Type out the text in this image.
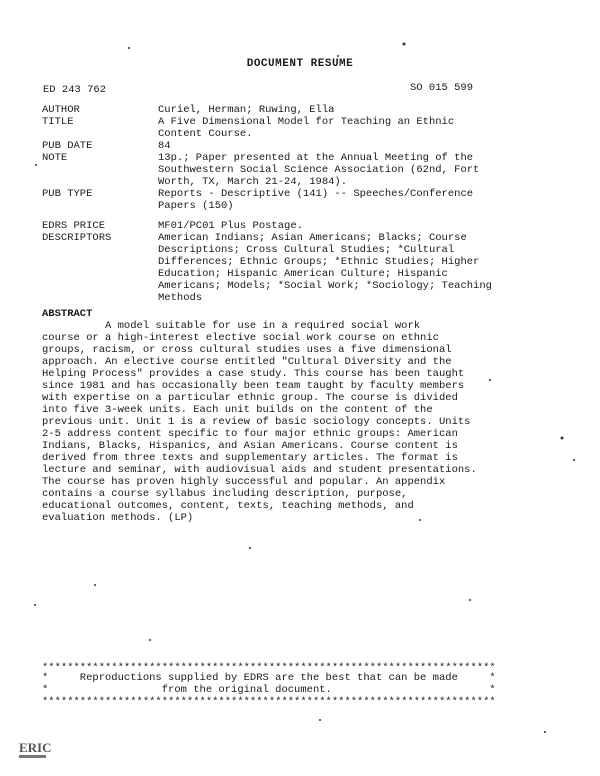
DOCUMENT RESUME
ED 243 762	SO 015 599
AUTHOR	Curiel, Herman; Ruwing, Ella
TITLE	A Five Dimensional Model for Teaching an Ethnic
Content Course.
PUB DATE	84
NOTE	13p.; Paper presented at the Annual Meeting of the
Southwestern Social Science Association (62nd, Fort
Worth, TX, March 21-24, 1984).
PUB TYPE	Reports - Descriptive (141) -- Speeches/Conference
Papers (150)
EDRS PRICE	MF01/PC01 Plus Postage.
DESCRIPTORS	American Indians; Asian Americans; Blacks; Course
Descriptions; Cross Cultural Studies; *Cultural
Differences; Ethnic Groups; *Ethnic Studies; Higher
Education; Hispanic American Culture; Hispanic
Americans; Models; *Social Work; *Sociology; Teaching
Methods
ABSTRACT
A model suitable for use in a required social work
course or a high-interest elective social work course on ethnic
groups, racism, or cross cultural studies uses a five dimensional
approach. An elective course entitled "Cultural Diversity and the
Helping Process" provides a case study. This course has been taught
since 1981 and has occasionally been team taught by faculty members
with expertise on a particular ethnic group. The course is divided
into five 3-week units. Each unit builds on the content of the
previous unit. Unit 1 is a review of basic sociology concepts. Units
2-5 address content specific to four major ethnic groups: American
Indians, Blacks, Hispanics, and Asian Americans. Course content is
derived from three texts and supplementary articles. The format is
lecture and seminar, with audiovisual aids and student presentations.
The course has proven highly successful and popular. An appendix
contains a course syllabus including description, purpose,
educational outcomes, content, texts, teaching methods, and
evaluation methods. (LP)
************************************************************************
*     Reproductions supplied by EDRS are the best that can be made     *
*                  from the original document.                         *
************************************************************************
ERIC
